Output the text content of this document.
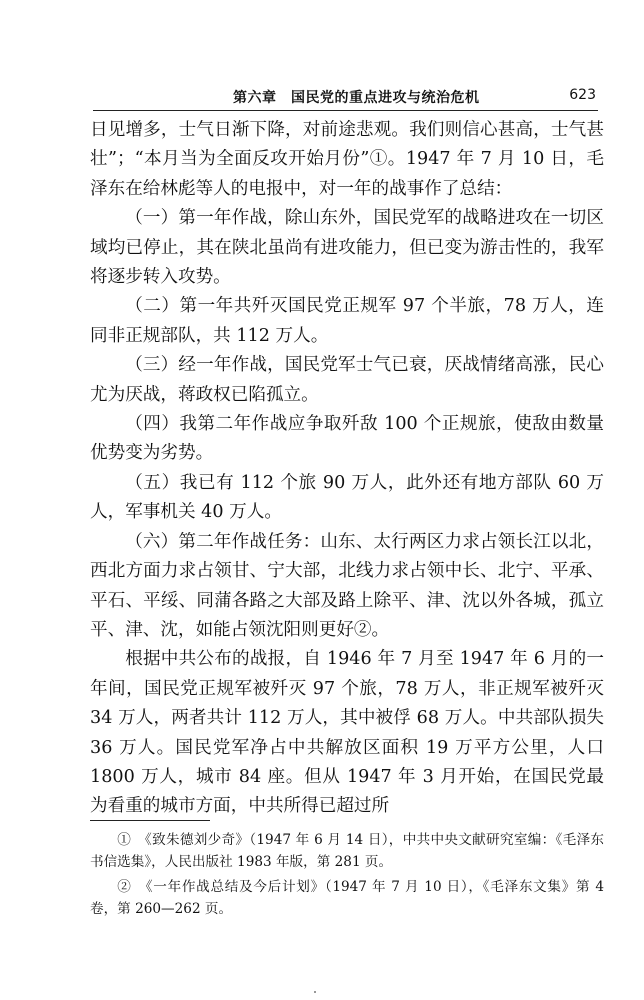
第六章　国民党的重点进攻与统治危机	623

日见增多，士气日渐下降，对前途悲观。我们则信心甚高，士气甚壮”；“本月当为全面反攻开始月份”①。1947 年 7 月 10 日，毛泽东在给林彪等人的电报中，对一年的战事作了总结：

（一）第一年作战，除山东外，国民党军的战略进攻在一切区域均已停止，其在陕北虽尚有进攻能力，但已变为游击性的，我军将逐步转入攻势。

（二）第一年共歼灭国民党正规军 97 个半旅，78 万人，连同非正规部队，共 112 万人。

（三）经一年作战，国民党军士气已衰，厌战情绪高涨，民心尤为厌战，蒋政权已陷孤立。

（四）我第二年作战应争取歼敌 100 个正规旅，使敌由数量优势变为劣势。

（五）我已有 112 个旅 90 万人，此外还有地方部队 60 万人，军事机关 40 万人。

（六）第二年作战任务：山东、太行两区力求占领长江以北，西北方面力求占领甘、宁大部，北线力求占领中长、北宁、平承、平石、平绥、同蒲各路之大部及路上除平、津、沈以外各城，孤立平、津、沈，如能占领沈阳则更好②。

根据中共公布的战报，自 1946 年 7 月至 1947 年 6 月的一年间，国民党正规军被歼灭 97 个旅，78 万人，非正规军被歼灭 34 万人，两者共计 112 万人，其中被俘 68 万人。中共部队损失 36 万人。国民党军净占中共解放区面积 19 万平方公里，人口 1800 万人，城市 84 座。但从 1947 年 3 月开始，在国民党最为看重的城市方面，中共所得已超过所

①　《致朱德刘少奇》（1947 年 6 月 14 日），中共中央文献研究室编：《毛泽东书信选集》，人民出版社 1983 年版，第 281 页。

②　《一年作战总结及今后计划》（1947 年 7 月 10 日），《毛泽东文集》第 4 卷，第 260—262 页。
